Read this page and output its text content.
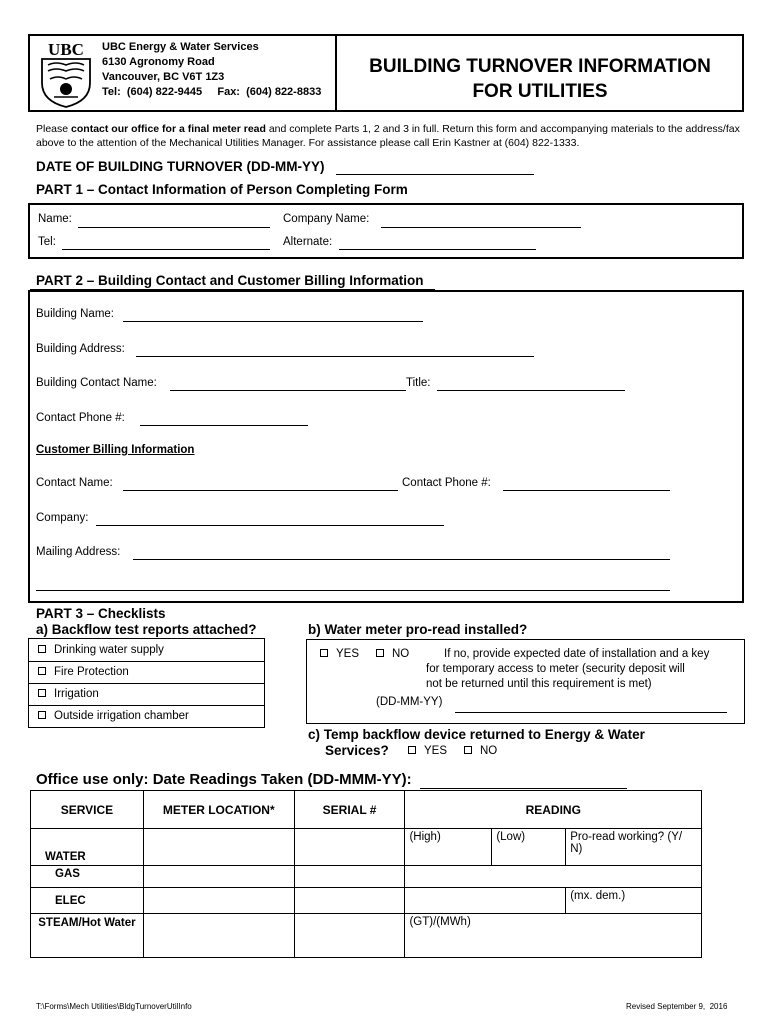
UBC UBC Energy & Water Services
6130 Agronomy Road
Vancouver, BC V6T 1Z3
Tel:  (604) 822-9445     Fax:  (604) 822-8833
BUILDING TURNOVER INFORMATION
FOR UTILITIES
Please contact our office for a final meter read and complete Parts 1, 2 and 3 in full. Return this form and accompanying materials to the address/fax above to the attention of the Mechanical Utilities Manager. For assistance please call Erin Kastner at (604) 822-1333.
DATE OF BUILDING TURNOVER (DD-MM-YY)
PART 1 – Contact Information of Person Completing Form
Name:	Company Name:
Tel:	Alternate:
PART 2 – Building Contact and Customer Billing Information
Building Name:
Building Address:
Building Contact Name:	Title:
Contact Phone #:
Customer Billing Information
Contact Name:	Contact Phone #:
Company:
Mailing Address:
PART 3 – Checklists
a) Backflow test reports attached?
Drinking water supply
Fire Protection
Irrigation
Outside irrigation chamber
b) Water meter pro-read installed?
YES	NO	If no, provide expected date of installation and a key
for temporary access to meter (security deposit will
not be returned until this requirement is met)
(DD-MM-YY)
c) Temp backflow device returned to Energy & Water
Services?	YES	NO
Office use only: Date Readings Taken (DD-MMM-YY):
SERVICE	METER LOCATION*	SERIAL #	READING		
WATER			(High)	(Low)	Pro-read working? (Y/ N)
GAS					
ELEC					(mx. dem.)
STEAM/Hot Water			(GT)/(MWh)		
T:\Forms\Mech Utilities\BldgTurnoverUtilInfo	Revised September 9,  2016
